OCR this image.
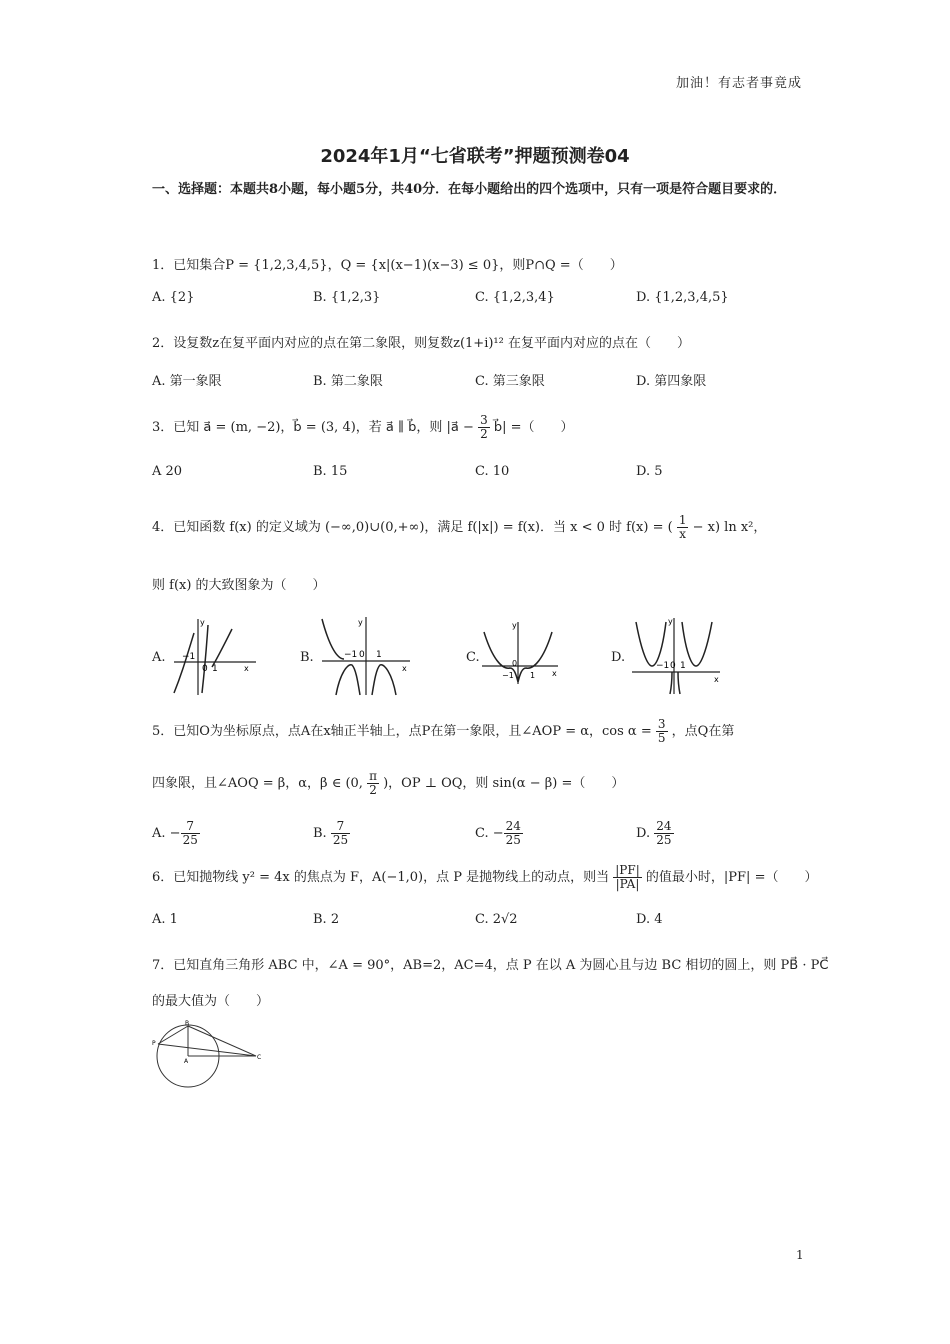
加油！有志者事竟成
2024年1月“七省联考”押题预测卷04
一、选择题：本题共8小题，每小题5分，共40分．在每小题给出的四个选项中，只有一项是符合题目要求的．
1．已知集合P = {1,2,3,4,5}，Q = {x|(x−1)(x−3) ≤ 0}，则P∩Q =（　　）
A. {2}	B. {1,2,3}	C. {1,2,3,4}	D. {1,2,3,4,5}
2．设复数z在复平面内对应的点在第二象限，则复数z(1+i)¹² 在复平面内对应的点在（　　）
A. 第一象限	B. 第二象限	C. 第三象限	D. 第四象限
3．已知 a⃗ = (m, −2)，b⃗ = (3, 4)，若 a⃗ ∥ b⃗，则 |a⃗ − $\frac{3}{2}$ b⃗| =（　　）
A 20	B. 15	C. 10	D. 5
4．已知函数 f(x) 的定义域为 (−∞,0)∪(0,+∞)，满足 f(|x|) = f(x)．当 x < 0 时 f(x) = ( $\frac{1}{x} - x$) ln x²，
则 f(x) 的大致图象为（　　）
A. −1
0 1	x
y
B.	−1 0 1
x
y
C.
−1
0
1 x
y
D.
−1 0 1
x
y
5．已知O为坐标原点，点A在x轴正半轴上，点P在第一象限，且∠AOP = α，$\cos \alpha = \frac{3}{5}$ ，点Q在第
四象限，且∠AOQ = β，α，β ∈ (0, $\frac{\pi}{2}$ )，OP ⊥ OQ，则 sin(α − β) =（　　）
A. − $\frac{7}{25}$	B. $\frac{7}{25}$	C. − $\frac{24}{25}$	D. $\frac{24}{25}$
6．已知抛物线 y² = 4x 的焦点为 F，A(−1,0)，点 P 是抛物线上的动点，则当 $\frac{|PF|}{|PA|}$ 的值最小时，|PF| =（　　）
A. 1	B. 2	C. 2√2	D. 4
7．已知直角三角形 ABC 中，∠A = 90°，AB=2，AC=4，点 P 在以 A 为圆心且与边 BC 相切的圆上，则 PB⃗ · PC⃗
的最大值为（　　）
B
P
A
C
1
